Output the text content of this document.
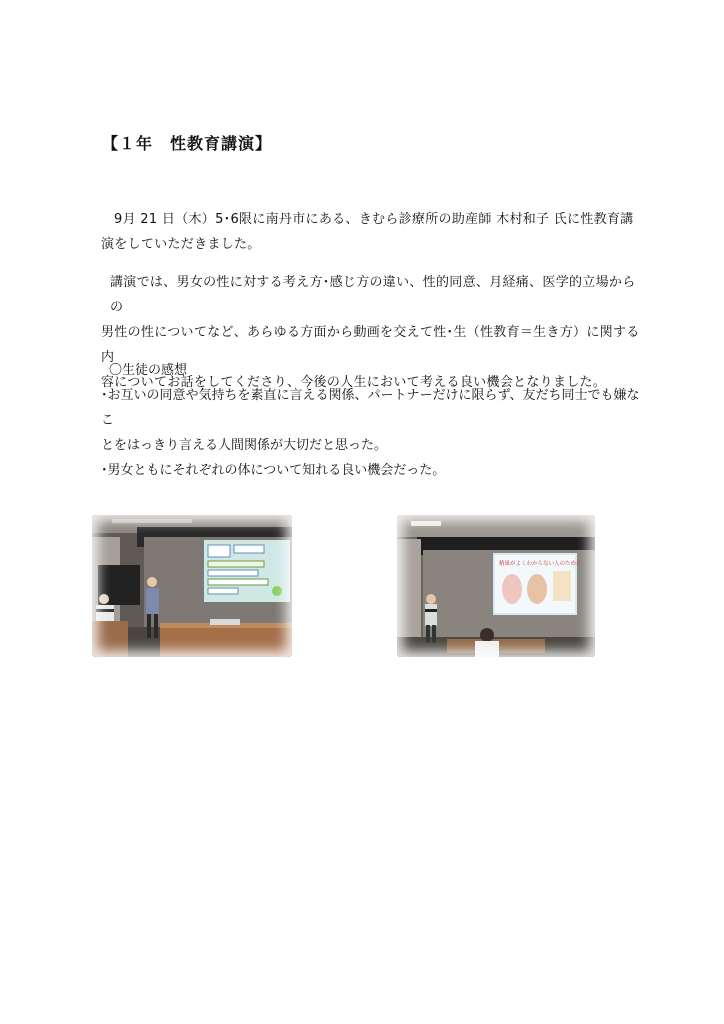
【１年　性教育講演】
9月 21 日（木）5･6限に南丹市にある、きむら診療所の助産師 木村和子 氏に性教育講
演をしていただきました。
講演では、男女の性に対する考え方･感じ方の違い、性的同意、月経痛、医学的立場からの
男性の性についてなど、あらゆる方面から動画を交えて性･生（性教育＝生き方）に関する内
容についてお話をしてくださり、今後の人生において考える良い機会となりました。
〇生徒の感想
･お互いの同意や気持ちを素直に言える関係、パートナーだけに限らず、友だち同士でも嫌なこ
とをはっきり言える人間関係が大切だと思った。
･男女ともにそれぞれの体について知れる良い機会だった。
精巣がよくわからない人のために
